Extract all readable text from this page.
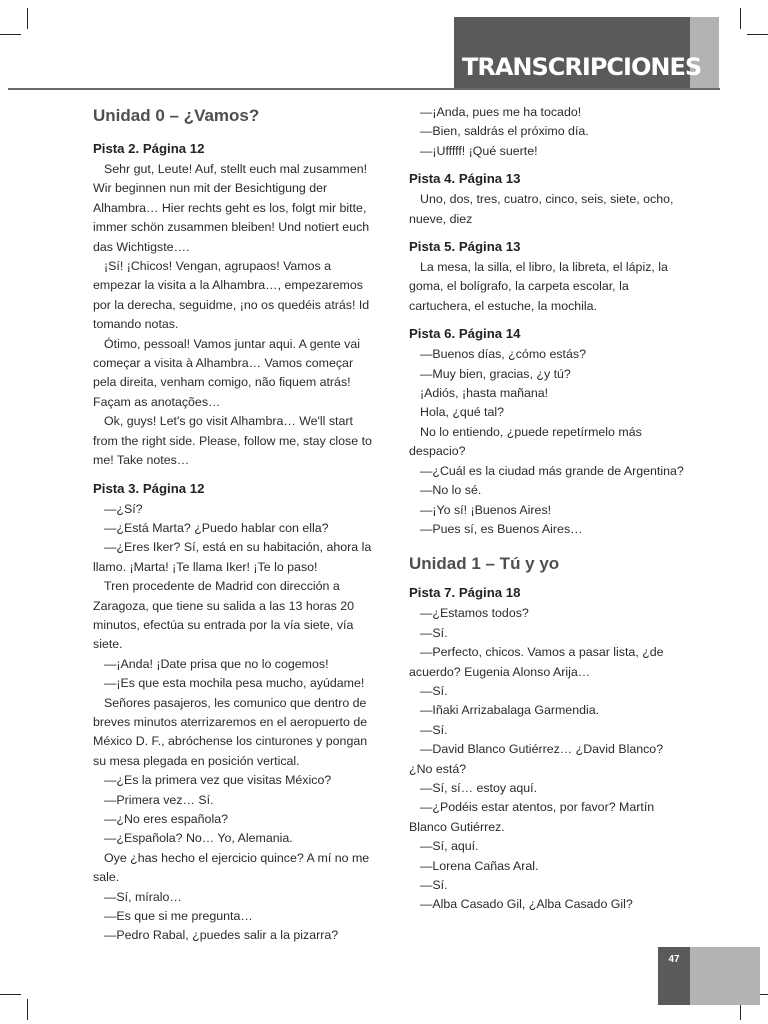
TRANSCRIPCIONES
Unidad 0 – ¿Vamos?
Pista 2. Página 12

Sehr gut, Leute! Auf, stellt euch mal zusammen! Wir beginnen nun mit der Besichtigung der Alhambra… Hier rechts geht es los, folgt mir bitte, immer schön zusammen bleiben! Und notiert euch das Wichtigste….

¡Sí! ¡Chicos! Vengan, agrupaos! Vamos a empezar la visita a la Alhambra…, empezaremos por la derecha, seguidme, ¡no os quedéis atrás! Id tomando notas.

Ótimo, pessoal! Vamos juntar aqui. A gente vai começar a visita à Alhambra… Vamos começar pela direita, venham comigo, não fiquem atrás! Façam as anotações…

Ok, guys! Let's go visit Alhambra… We'll start from the right side. Please, follow me, stay close to me! Take notes…

Pista 3. Página 12

—¿Sí?

—¿Está Marta? ¿Puedo hablar con ella?

—¿Eres Iker? Sí, está en su habitación, ahora la llamo. ¡Marta! ¡Te llama Iker! ¡Te lo paso!

Tren procedente de Madrid con dirección a Zaragoza, que tiene su salida a las 13 horas 20 minutos, efectúa su entrada por la vía siete, vía siete.

—¡Anda! ¡Date prisa que no lo cogemos!

—¡Es que esta mochila pesa mucho, ayúdame!

Señores pasajeros, les comunico que dentro de breves minutos aterrizaremos en el aeropuerto de México D. F., abróchense los cinturones y pongan su mesa plegada en posición vertical.

—¿Es la primera vez que visitas México?

—Primera vez… Sí.

—¿No eres española?

—¿Española? No… Yo, Alemania.

Oye ¿has hecho el ejercicio quince? A mí no me sale.

—Sí, míralo…

—Es que si me pregunta…

—Pedro Rabal, ¿puedes salir a la pizarra?

—¡Anda, pues me ha tocado!

—Bien, saldrás el próximo día.

—¡Ufffff! ¡Qué suerte!

Pista 4. Página 13

Uno, dos, tres, cuatro, cinco, seis, siete, ocho, nueve, diez

Pista 5. Página 13

La mesa, la silla, el libro, la libreta, el lápiz, la goma, el bolígrafo, la carpeta escolar, la cartuchera, el estuche, la mochila.

Pista 6. Página 14

—Buenos días, ¿cómo estás?

—Muy bien, gracias, ¿y tú?

¡Adiós, ¡hasta mañana!

Hola, ¿qué tal?

No lo entiendo, ¿puede repetírmelo más despacio?

—¿Cuál es la ciudad más grande de Argentina?

—No lo sé.

—¡Yo sí! ¡Buenos Aires!

—Pues sí, es Buenos Aires…

Unidad 1 – Tú y yo
Pista 7. Página 18

—¿Estamos todos?

—Sí.

—Perfecto, chicos. Vamos a pasar lista, ¿de acuerdo? Eugenia Alonso Arija…

—Sí.

—Iñaki Arrizabalaga Garmendia.

—Sí.

—David Blanco Gutiérrez… ¿David Blanco? ¿No está?

—Sí, sí… estoy aquí.

—¿Podéis estar atentos, por favor? Martín Blanco Gutiérrez.

—Sí, aquí.

—Lorena Cañas Aral.

—Sí.

—Alba Casado Gil, ¿Alba Casado Gil?

47
